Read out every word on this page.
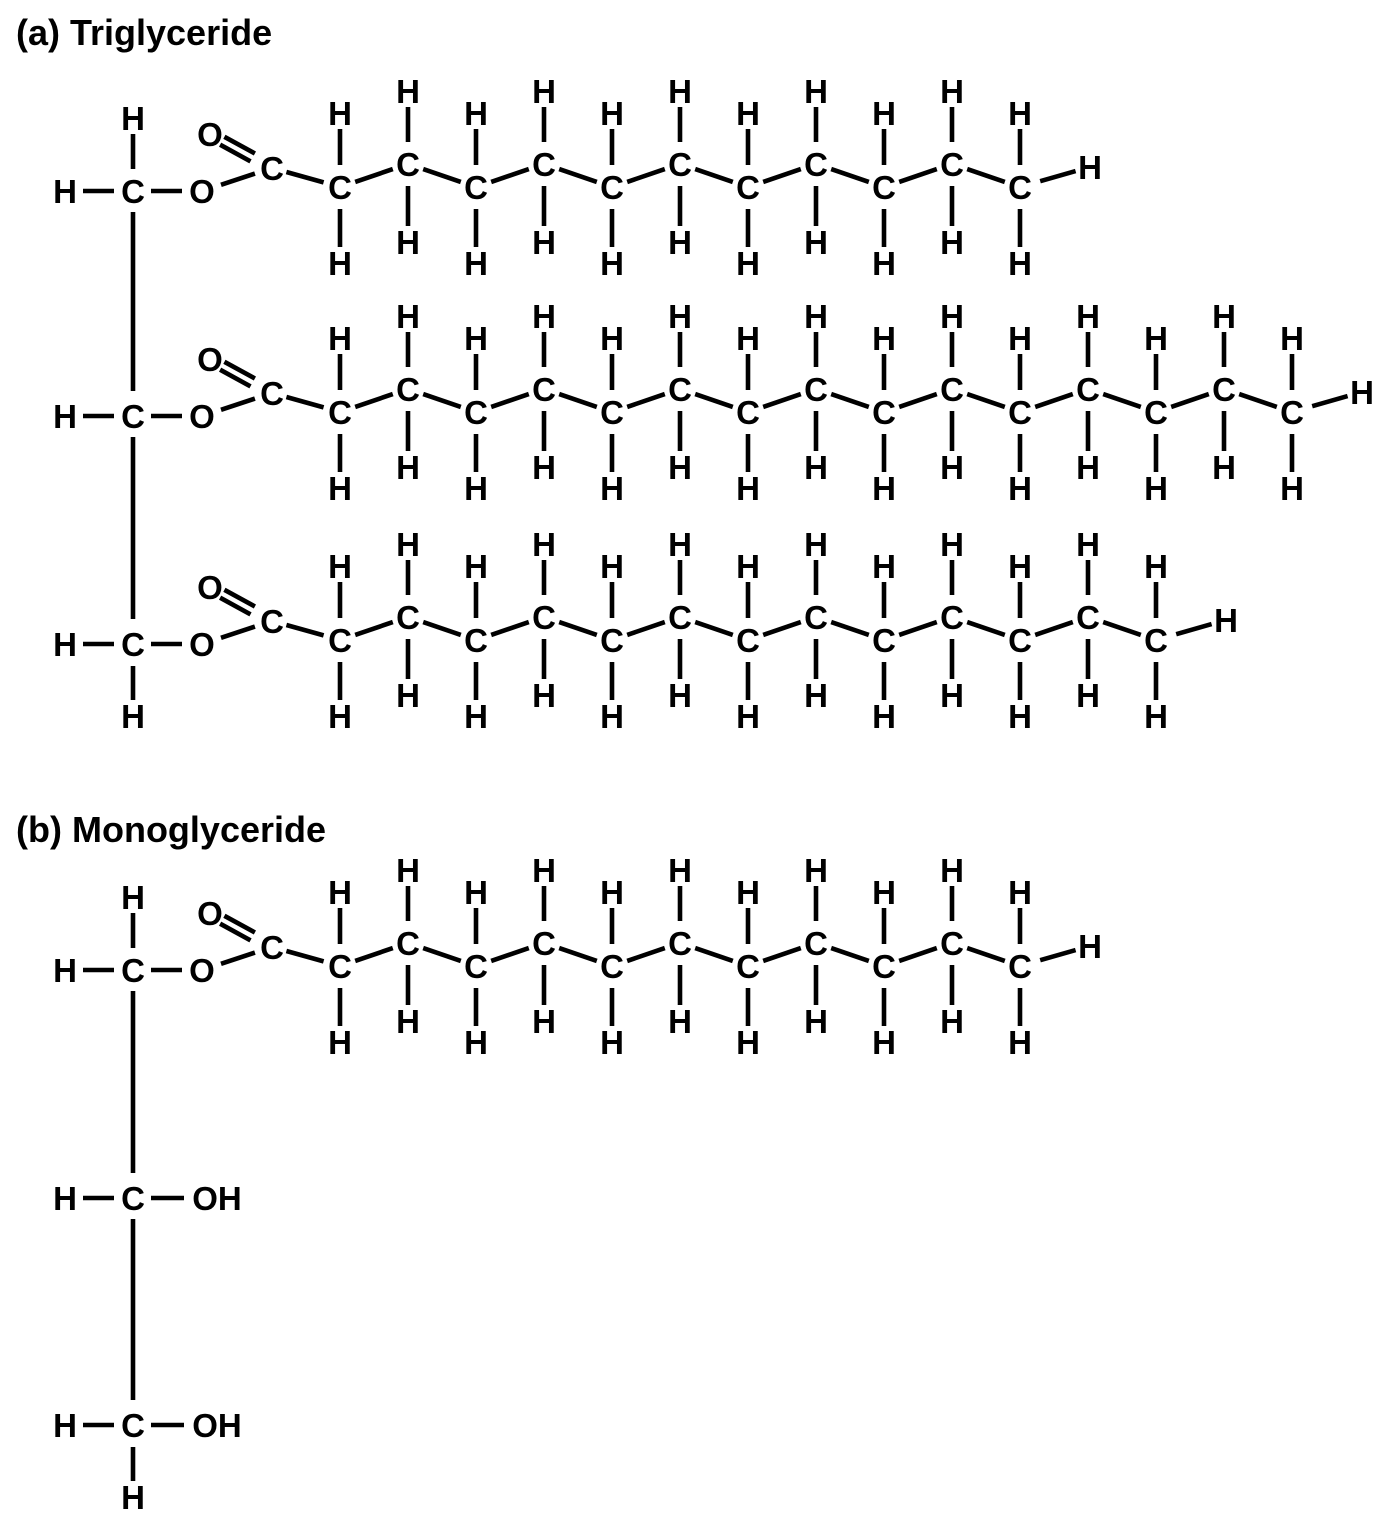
(a) Triglyceride
H C
H
O
C
O
C
H
H
C
H
H
C
H
H
C
H
H
C
H
H
C
H
H
C
H
H
C
H
H
C
H
H
C
H
H
C
H
H
H
H C O
C
O
C
H
H
C
H
H
C
H
H
C
H
H
C
H
H
C
H
H
C
H
H
C
H
H
C
H
H
C
H
H
C
H
H
C
H
H
C
H
H
C
H
H
C
H
H
H
H C
H
O
C
O
C
H
H
C
H
H
C
H
H
C
H
H
C
H
H
C
H
H
C
H
H
C
H
H
C
H
H
C
H
H
C
H
H
C
H
H
C
H
H
H
(b) Monoglyceride
H C
H
O
C
O
C
H
H
C
H
H
C
H
H
C
H
H
C
H
H
C
H
H
C
H
H
C
H
H
C
H
H
C
H
H
C
H
H
H
H C OH
H C
H
OH
